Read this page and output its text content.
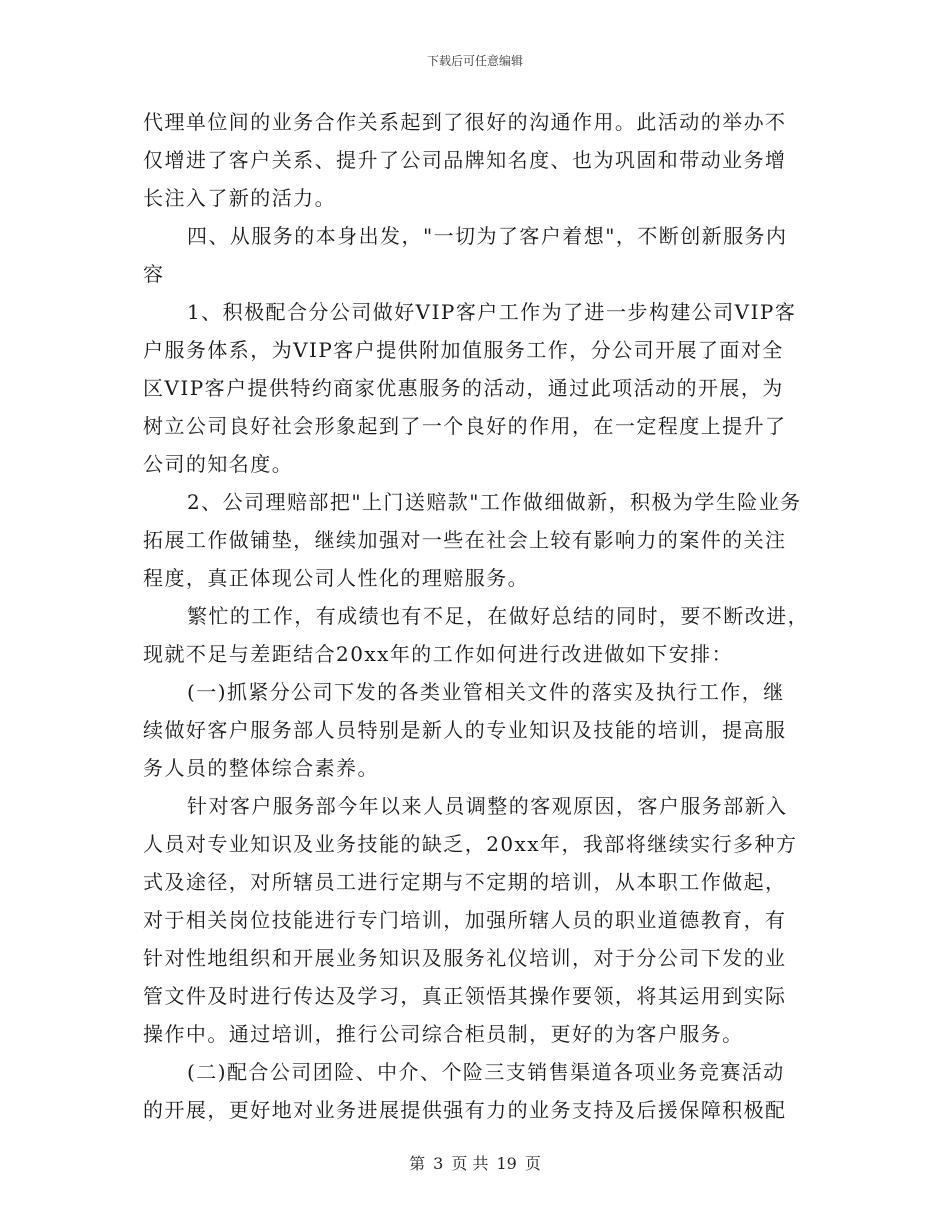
下载后可任意编辑
代理单位间的业务合作关系起到了很好的沟通作用。此活动的举办不
仅增进了客户关系、提升了公司品牌知名度、也为巩固和带动业务增
长注入了新的活力。
四、从服务的本身出发，"一切为了客户着想"，不断创新服务内
容
1、积极配合分公司做好VIP客户工作为了进一步构建公司VIP客
户服务体系，为VIP客户提供附加值服务工作，分公司开展了面对全
区VIP客户提供特约商家优惠服务的活动，通过此项活动的开展，为
树立公司良好社会形象起到了一个良好的作用，在一定程度上提升了
公司的知名度。
2、公司理赔部把"上门送赔款"工作做细做新，积极为学生险业务
拓展工作做铺垫，继续加强对一些在社会上较有影响力的案件的关注
程度，真正体现公司人性化的理赔服务。
繁忙的工作，有成绩也有不足，在做好总结的同时，要不断改进，
现就不足与差距结合20xx年的工作如何进行改进做如下安排：
(一)抓紧分公司下发的各类业管相关文件的落实及执行工作，继
续做好客户服务部人员特别是新人的专业知识及技能的培训，提高服
务人员的整体综合素养。
针对客户服务部今年以来人员调整的客观原因，客户服务部新入
人员对专业知识及业务技能的缺乏，20xx年，我部将继续实行多种方
式及途径，对所辖员工进行定期与不定期的培训，从本职工作做起，
对于相关岗位技能进行专门培训，加强所辖人员的职业道德教育，有
针对性地组织和开展业务知识及服务礼仪培训，对于分公司下发的业
管文件及时进行传达及学习，真正领悟其操作要领，将其运用到实际
操作中。通过培训，推行公司综合柜员制，更好的为客户服务。
(二)配合公司团险、中介、个险三支销售渠道各项业务竞赛活动
的开展，更好地对业务进展提供强有力的业务支持及后援保障积极配
第 3 页 共 19 页
